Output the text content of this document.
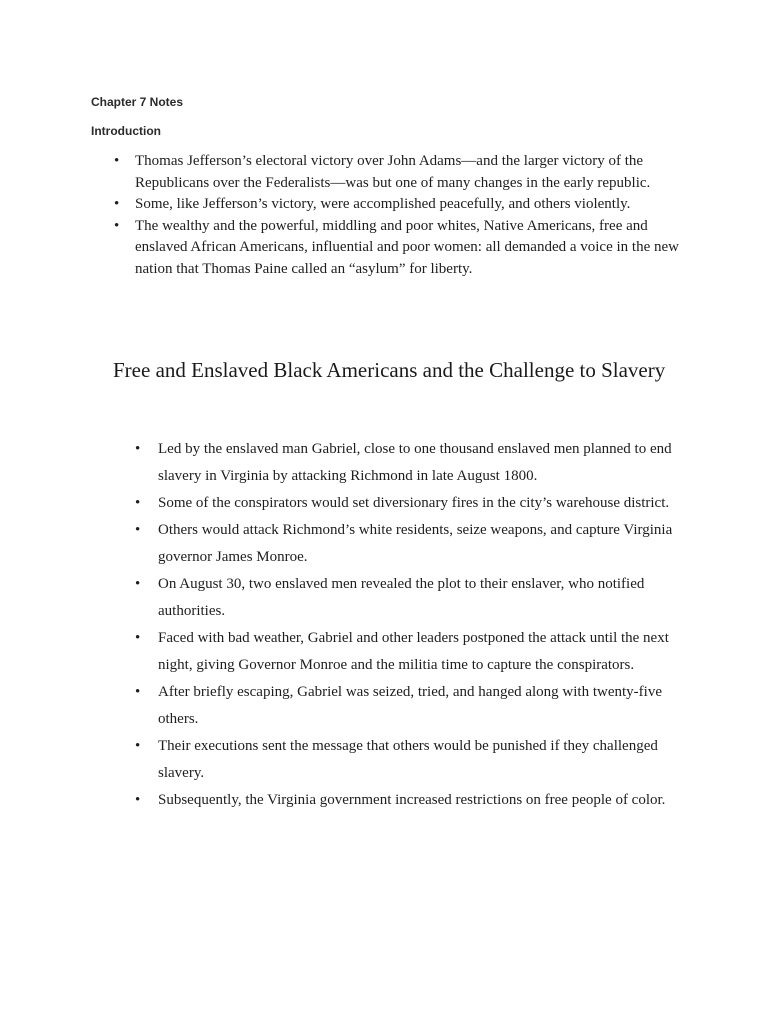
Chapter 7 Notes

Introduction

• Thomas Jefferson’s electoral victory over John Adams—and the larger victory of the Republicans over the Federalists—was but one of many changes in the early republic.
• Some, like Jefferson’s victory, were accomplished peacefully, and others violently.
• The wealthy and the powerful, middling and poor whites, Native Americans, free and enslaved African Americans, influential and poor women: all demanded a voice in the new nation that Thomas Paine called an “asylum” for liberty.
Free and Enslaved Black Americans and the Challenge to Slavery
• Led by the enslaved man Gabriel, close to one thousand enslaved men planned to end slavery in Virginia by attacking Richmond in late August 1800.
• Some of the conspirators would set diversionary fires in the city’s warehouse district.
• Others would attack Richmond’s white residents, seize weapons, and capture Virginia governor James Monroe.
• On August 30, two enslaved men revealed the plot to their enslaver, who notified authorities.
• Faced with bad weather, Gabriel and other leaders postponed the attack until the next night, giving Governor Monroe and the militia time to capture the conspirators.
• After briefly escaping, Gabriel was seized, tried, and hanged along with twenty-five others.
• Their executions sent the message that others would be punished if they challenged slavery.
• Subsequently, the Virginia government increased restrictions on free people of color.
